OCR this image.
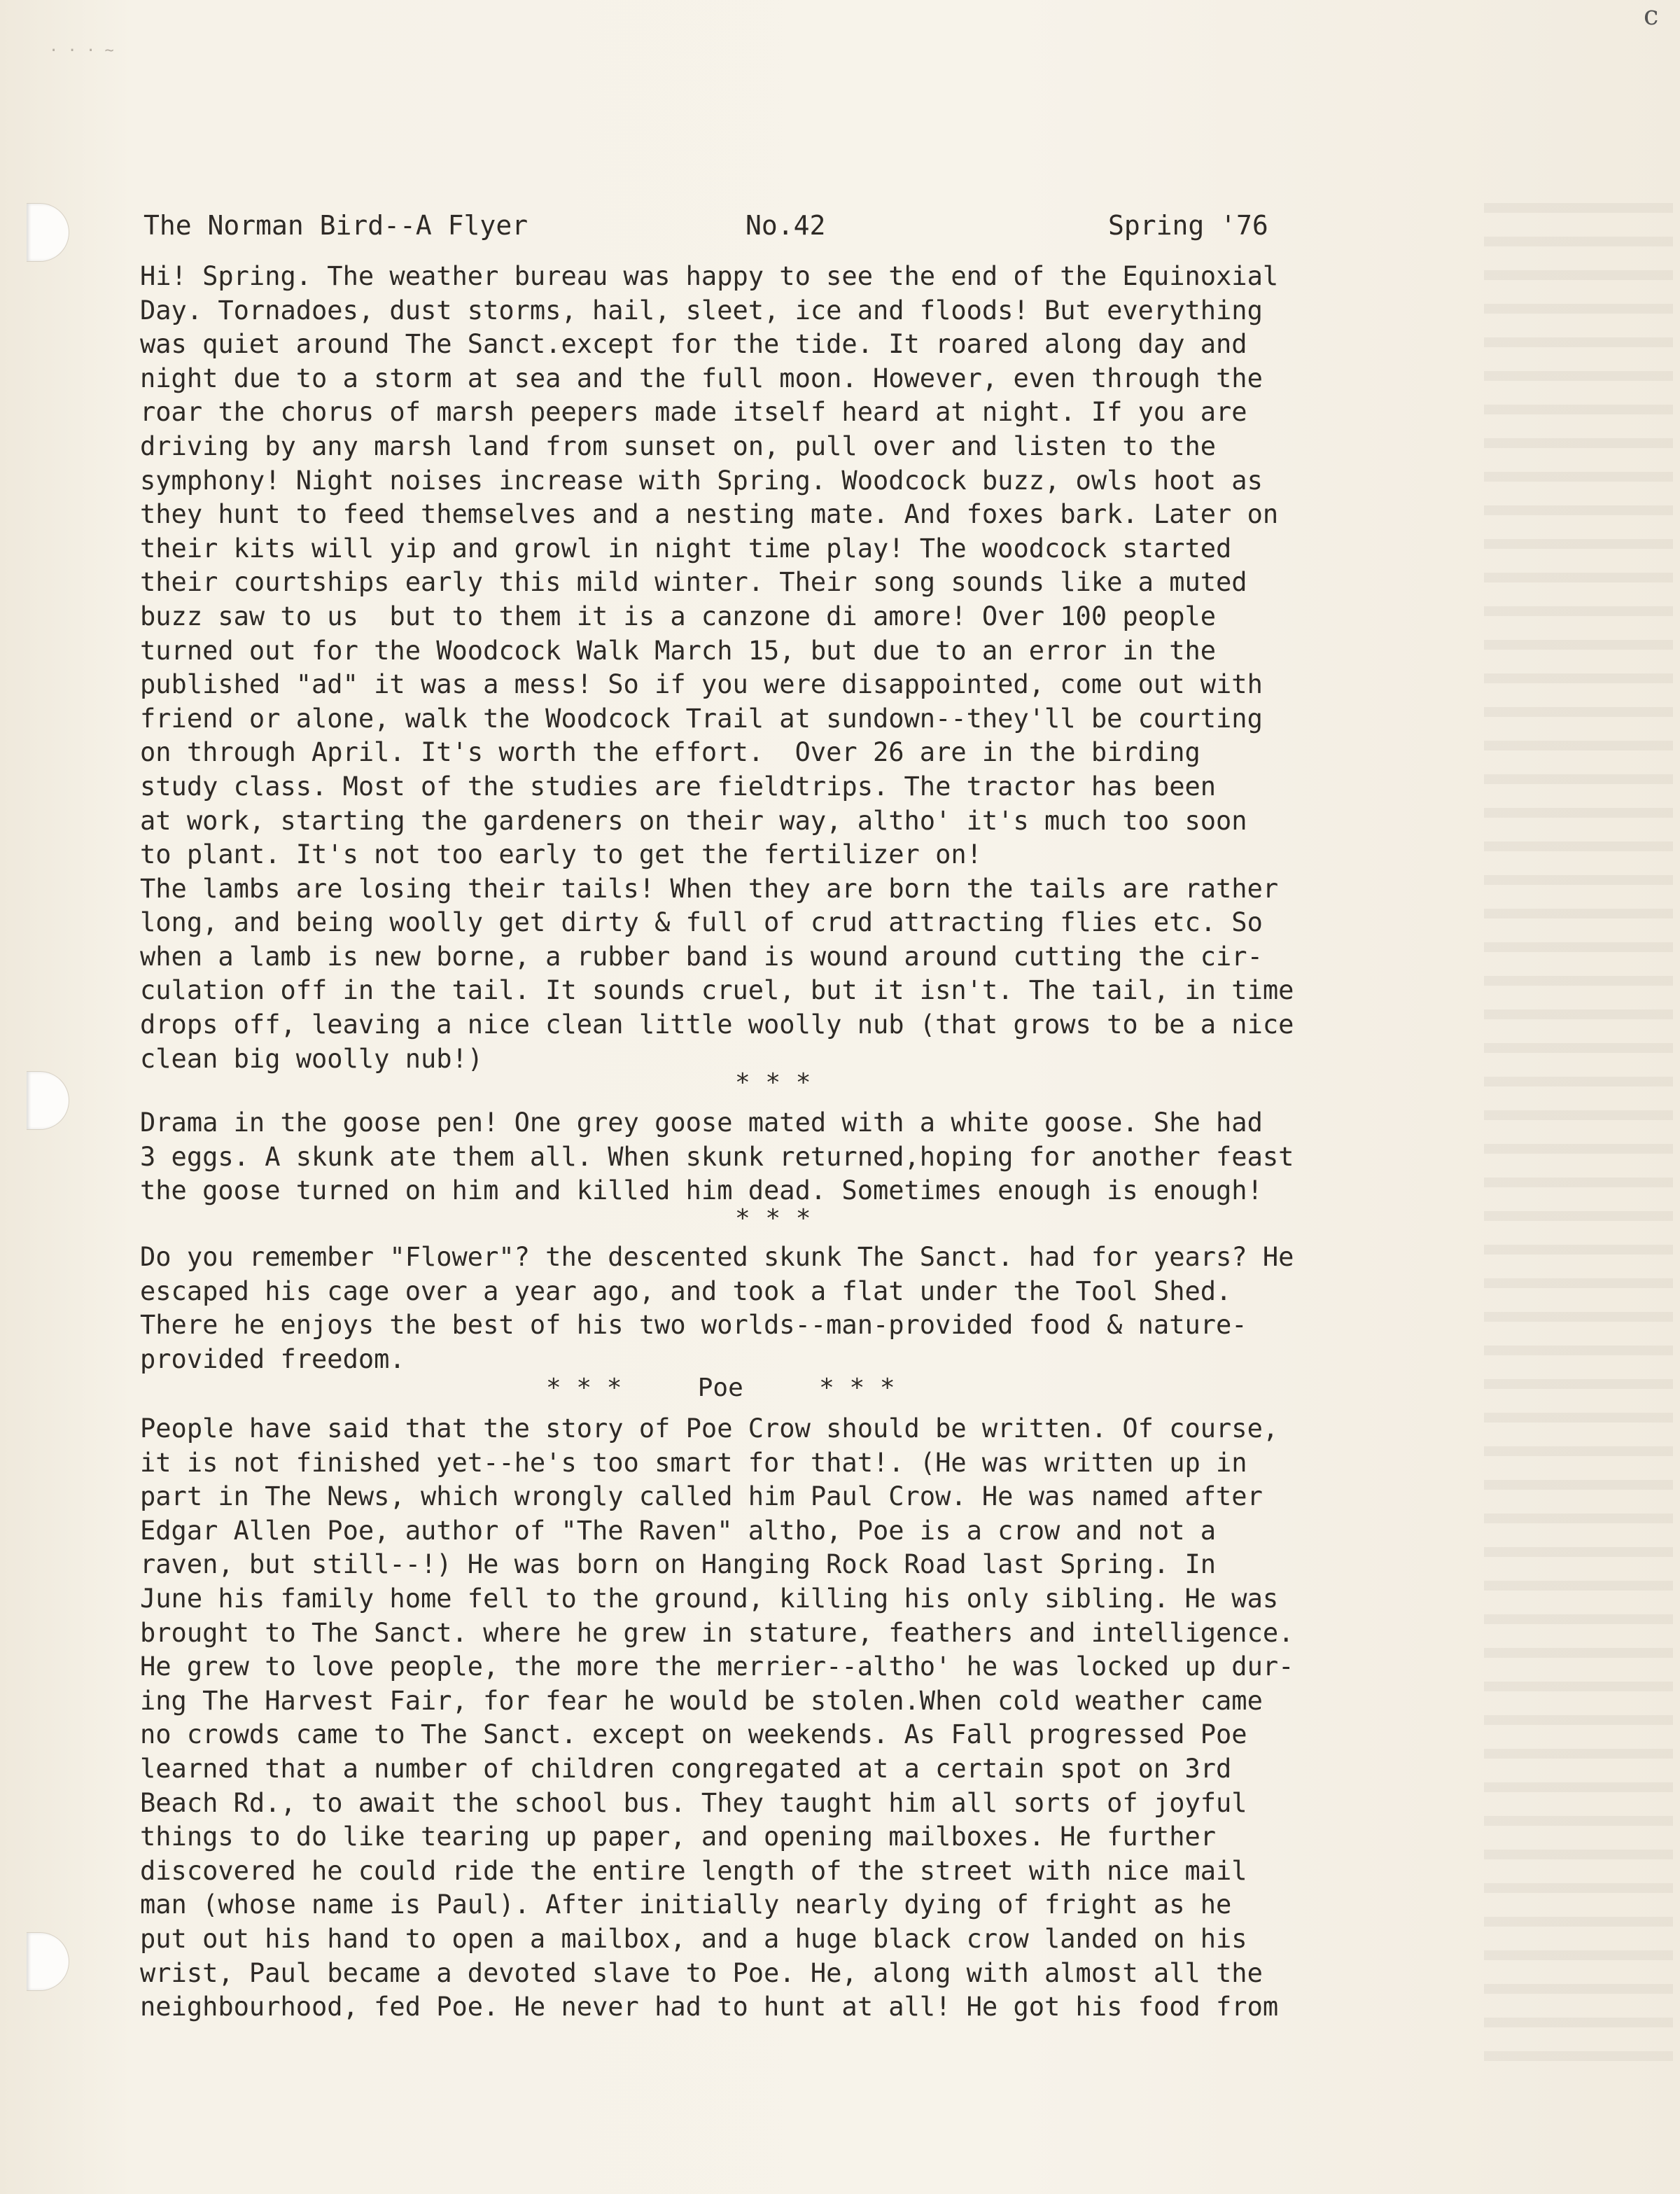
c
· · · ~
The Norman Bird--A Flyer	No.42	Spring '76
Hi! Spring. The weather bureau was happy to see the end of the Equinoxial
Day. Tornadoes, dust storms, hail, sleet, ice and floods! But everything
was quiet around The Sanct.except for the tide. It roared along day and
night due to a storm at sea and the full moon. However, even through the
roar the chorus of marsh peepers made itself heard at night. If you are
driving by any marsh land from sunset on, pull over and listen to the
symphony! Night noises increase with Spring. Woodcock buzz, owls hoot as
they hunt to feed themselves and a nesting mate. And foxes bark. Later on
their kits will yip and growl in night time play! The woodcock started
their courtships early this mild winter. Their song sounds like a muted
buzz saw to us  but to them it is a canzone di amore! Over 100 people
turned out for the Woodcock Walk March 15, but due to an error in the
published "ad" it was a mess! So if you were disappointed, come out with
friend or alone, walk the Woodcock Trail at sundown--they'll be courting
on through April. It's worth the effort.  Over 26 are in the birding
study class. Most of the studies are fieldtrips. The tractor has been
at work, starting the gardeners on their way, altho' it's much too soon
to plant. It's not too early to get the fertilizer on!
The lambs are losing their tails! When they are born the tails are rather
long, and being woolly get dirty & full of crud attracting flies etc. So
when a lamb is new borne, a rubber band is wound around cutting the cir-
culation off in the tail. It sounds cruel, but it isn't. The tail, in time
drops off, leaving a nice clean little woolly nub (that grows to be a nice
clean big woolly nub!)
* * *
Drama in the goose pen! One grey goose mated with a white goose. She had
3 eggs. A skunk ate them all. When skunk returned,hoping for another feast
the goose turned on him and killed him dead. Sometimes enough is enough!
* * *
Do you remember "Flower"? the descented skunk The Sanct. had for years? He
escaped his cage over a year ago, and took a flat under the Tool Shed.
There he enjoys the best of his two worlds--man-provided food & nature-
provided freedom.
* * *     Poe     * * *
People have said that the story of Poe Crow should be written. Of course,
it is not finished yet--he's too smart for that!. (He was written up in
part in The News, which wrongly called him Paul Crow. He was named after
Edgar Allen Poe, author of "The Raven" altho, Poe is a crow and not a
raven, but still--!) He was born on Hanging Rock Road last Spring. In
June his family home fell to the ground, killing his only sibling. He was
brought to The Sanct. where he grew in stature, feathers and intelligence.
He grew to love people, the more the merrier--altho' he was locked up dur-
ing The Harvest Fair, for fear he would be stolen.When cold weather came
no crowds came to The Sanct. except on weekends. As Fall progressed Poe
learned that a number of children congregated at a certain spot on 3rd
Beach Rd., to await the school bus. They taught him all sorts of joyful
things to do like tearing up paper, and opening mailboxes. He further
discovered he could ride the entire length of the street with nice mail
man (whose name is Paul). After initially nearly dying of fright as he
put out his hand to open a mailbox, and a huge black crow landed on his
wrist, Paul became a devoted slave to Poe. He, along with almost all the
neighbourhood, fed Poe. He never had to hunt at all! He got his food from
